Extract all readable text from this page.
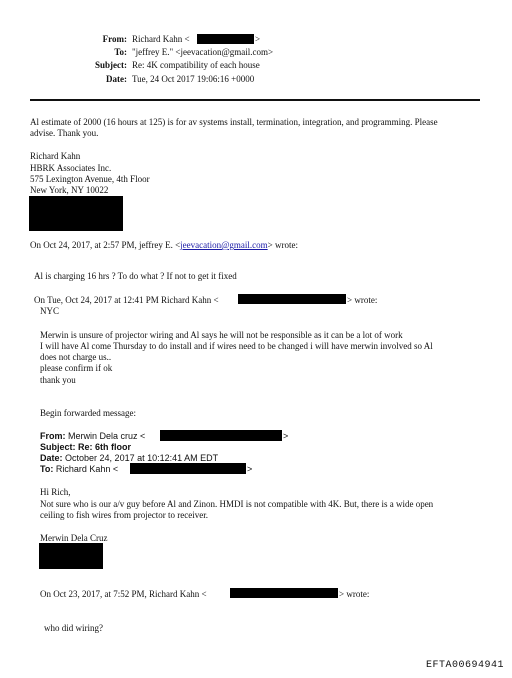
From: Richard Kahn <	>
To: "jeffrey E." <jeevacation@gmail.com>
Subject: Re: 4K compatibility of each house
Date: Tue, 24 Oct 2017 19:06:16 +0000
Al estimate of 2000 (16 hours at 125) is for av systems install, termination, integration, and programming. Please
advise. Thank you.
Richard Kahn
HBRK Associates Inc.
575 Lexington Avenue, 4th Floor
New York, NY 10022
On Oct 24, 2017, at 2:57 PM, jeffrey E. <jeevacation@gmail.com> wrote:
Al is charging 16 hrs ? To do what ? If not to get it fixed
On Tue, Oct 24, 2017 at 12:41 PM Richard Kahn <	> wrote:
NYC
Merwin is unsure of projector wiring and Al says he will not be responsible as it can be a lot of work
I will have Al come Thursday to do install and if wires need to be changed i will have merwin involved so Al
does not charge us..
please confirm if ok
thank you
Begin forwarded message:
From: Merwin Dela cruz <	>
Subject: Re: 6th floor
Date: October 24, 2017 at 10:12:41 AM EDT
To: Richard Kahn <	>
Hi Rich,
Not sure who is our a/v guy before Al and Zinon. HMDI is not compatible with 4K. But, there is a wide open
ceiling to fish wires from projector to receiver.
Merwin Dela Cruz
On Oct 23, 2017, at 7:52 PM, Richard Kahn <	> wrote:
who did wiring?
EFTA00694941
